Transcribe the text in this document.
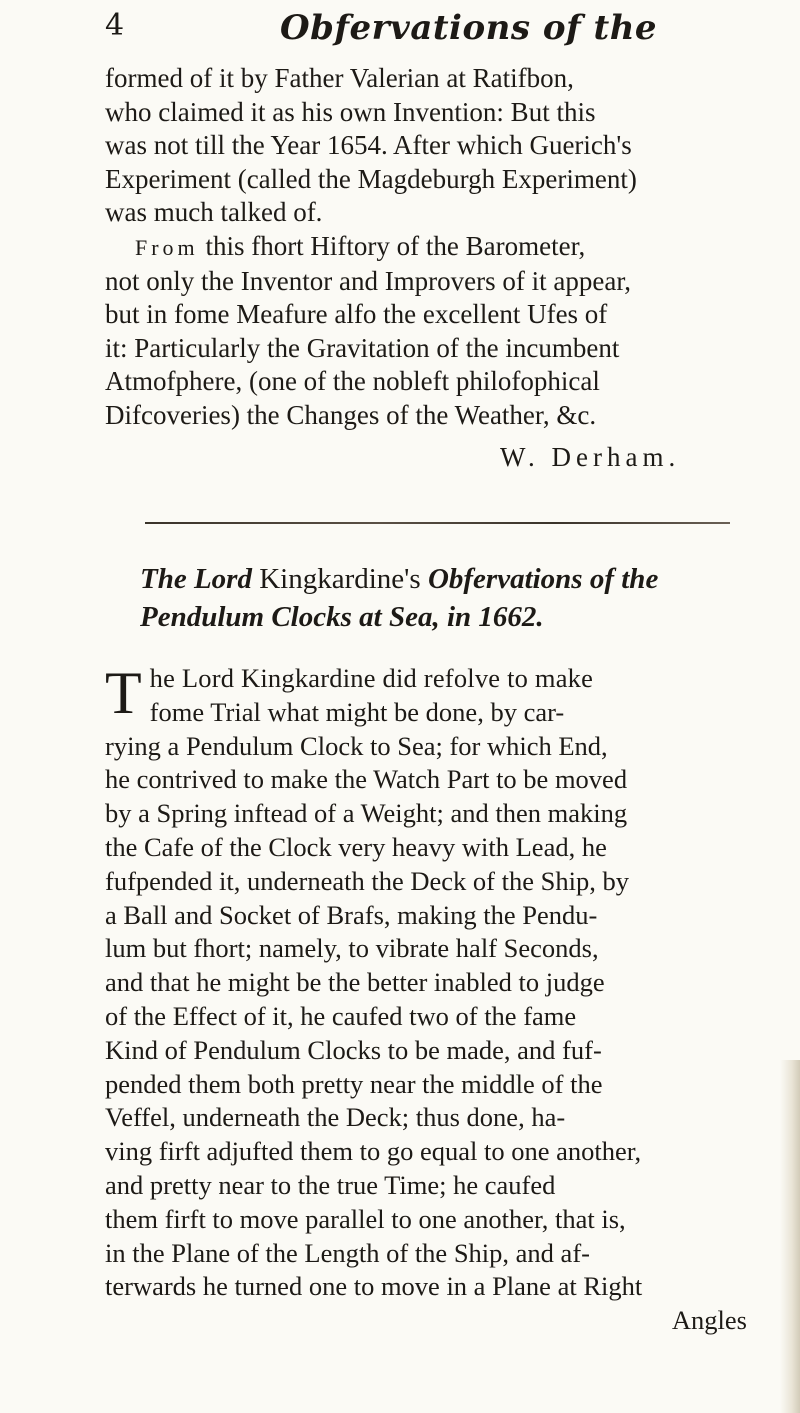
4	Obfervations of the
formed of it by Father Valerian at Ratifbon,
who claimed it as his own Invention: But this
was not till the Year 1654. After which Guerich's
Experiment (called the Magdeburgh Experiment)
was much talked of.
From this fhort Hiftory of the Barometer,
not only the Inventor and Improvers of it appear,
but in fome Meafure alfo the excellent Ufes of
it: Particularly the Gravitation of the incumbent
Atmofphere, (one of the nobleft philofophical
Difcoveries) the Changes of the Weather, &c.
W. Derham.
The Lord Kingkardine's Obfervations of the
Pendulum Clocks at Sea, in 1662.
T he Lord Kingkardine did refolve to make
fome Trial what might be done, by car-
rying a Pendulum Clock to Sea; for which End,
he contrived to make the Watch Part to be moved
by a Spring inftead of a Weight; and then making
the Cafe of the Clock very heavy with Lead, he
fufpended it, underneath the Deck of the Ship, by
a Ball and Socket of Brafs, making the Pendu-
lum but fhort; namely, to vibrate half Seconds,
and that he might be the better inabled to judge
of the Effect of it, he caufed two of the fame
Kind of Pendulum Clocks to be made, and fuf-
pended them both pretty near the middle of the
Veffel, underneath the Deck; thus done, ha-
ving firft adjufted them to go equal to one another,
and pretty near to the true Time; he caufed
them firft to move parallel to one another, that is,
in the Plane of the Length of the Ship, and af-
terwards he turned one to move in a Plane at Right
Angles
